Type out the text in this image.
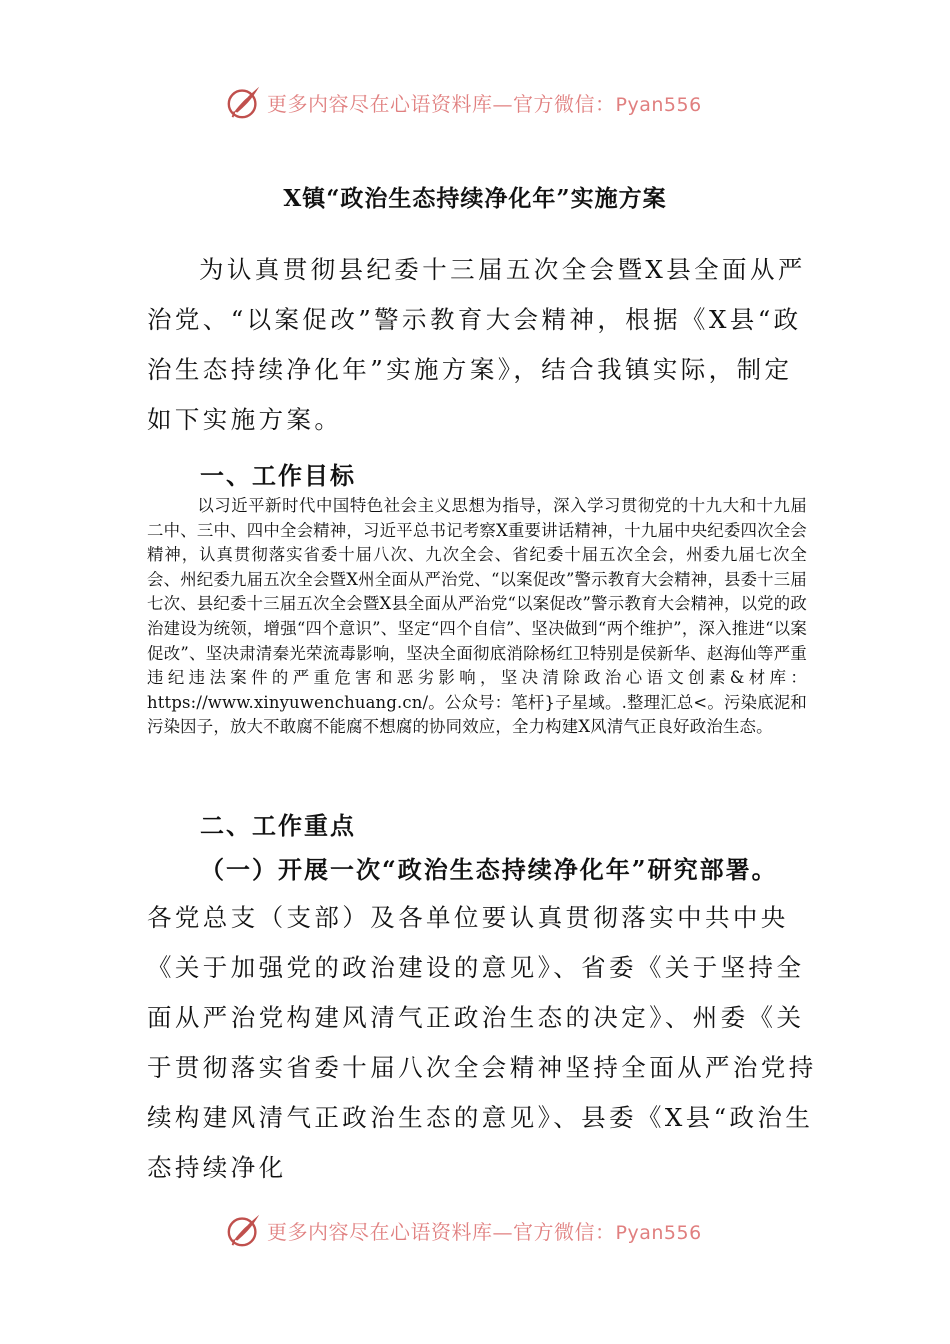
更多内容尽在心语资料库—官方微信：Pyan556
X镇“政治生态持续净化年”实施方案
为认真贯彻县纪委十三届五次全会暨X县全面从严治党、“以案促改”警示教育大会精神，根据《X县“政治生态持续净化年”实施方案》，结合我镇实际，制定如下实施方案。
一、工作目标
以习近平新时代中国特色社会主义思想为指导，深入学习贯彻党的十九大和十九届二中、三中、四中全会精神，习近平总书记考察X重要讲话精神，十九届中央纪委四次全会精神，认真贯彻落实省委十届八次、九次全会、省纪委十届五次全会，州委九届七次全会、州纪委九届五次全会暨X州全面从严治党、“以案促改”警示教育大会精神，县委十三届七次、县纪委十三届五次全会暨X县全面从严治党“以案促改”警示教育大会精神，以党的政治建设为统领，增强“四个意识”、坚定“四个自信”、坚决做到“两个维护”，深入推进“以案促改”、坚决肃清秦光荣流毒影响，坚决全面彻底消除杨红卫特别是侯新华、赵海仙等严重违纪违法案件的严重危害和恶劣影响，坚决清除政治心语文创素&材库：https://www.xinyuwenchuang.cn/。公众号：笔杆}子星域。.整理汇总<。污染底泥和污染因子，放大不敢腐不能腐不想腐的协同效应，全力构建X风清气正良好政治生态。
二、工作重点
（一）开展一次“政治生态持续净化年”研究部署。
各党总支（支部）及各单位要认真贯彻落实中共中央《关于加强党的政治建设的意见》、省委《关于坚持全面从严治党构建风清气正政治生态的决定》、州委《关于贯彻落实省委十届八次全会精神坚持全面从严治党持续构建风清气正政治生态的意见》、县委《X县“政治生态持续净化
更多内容尽在心语资料库—官方微信：Pyan556
